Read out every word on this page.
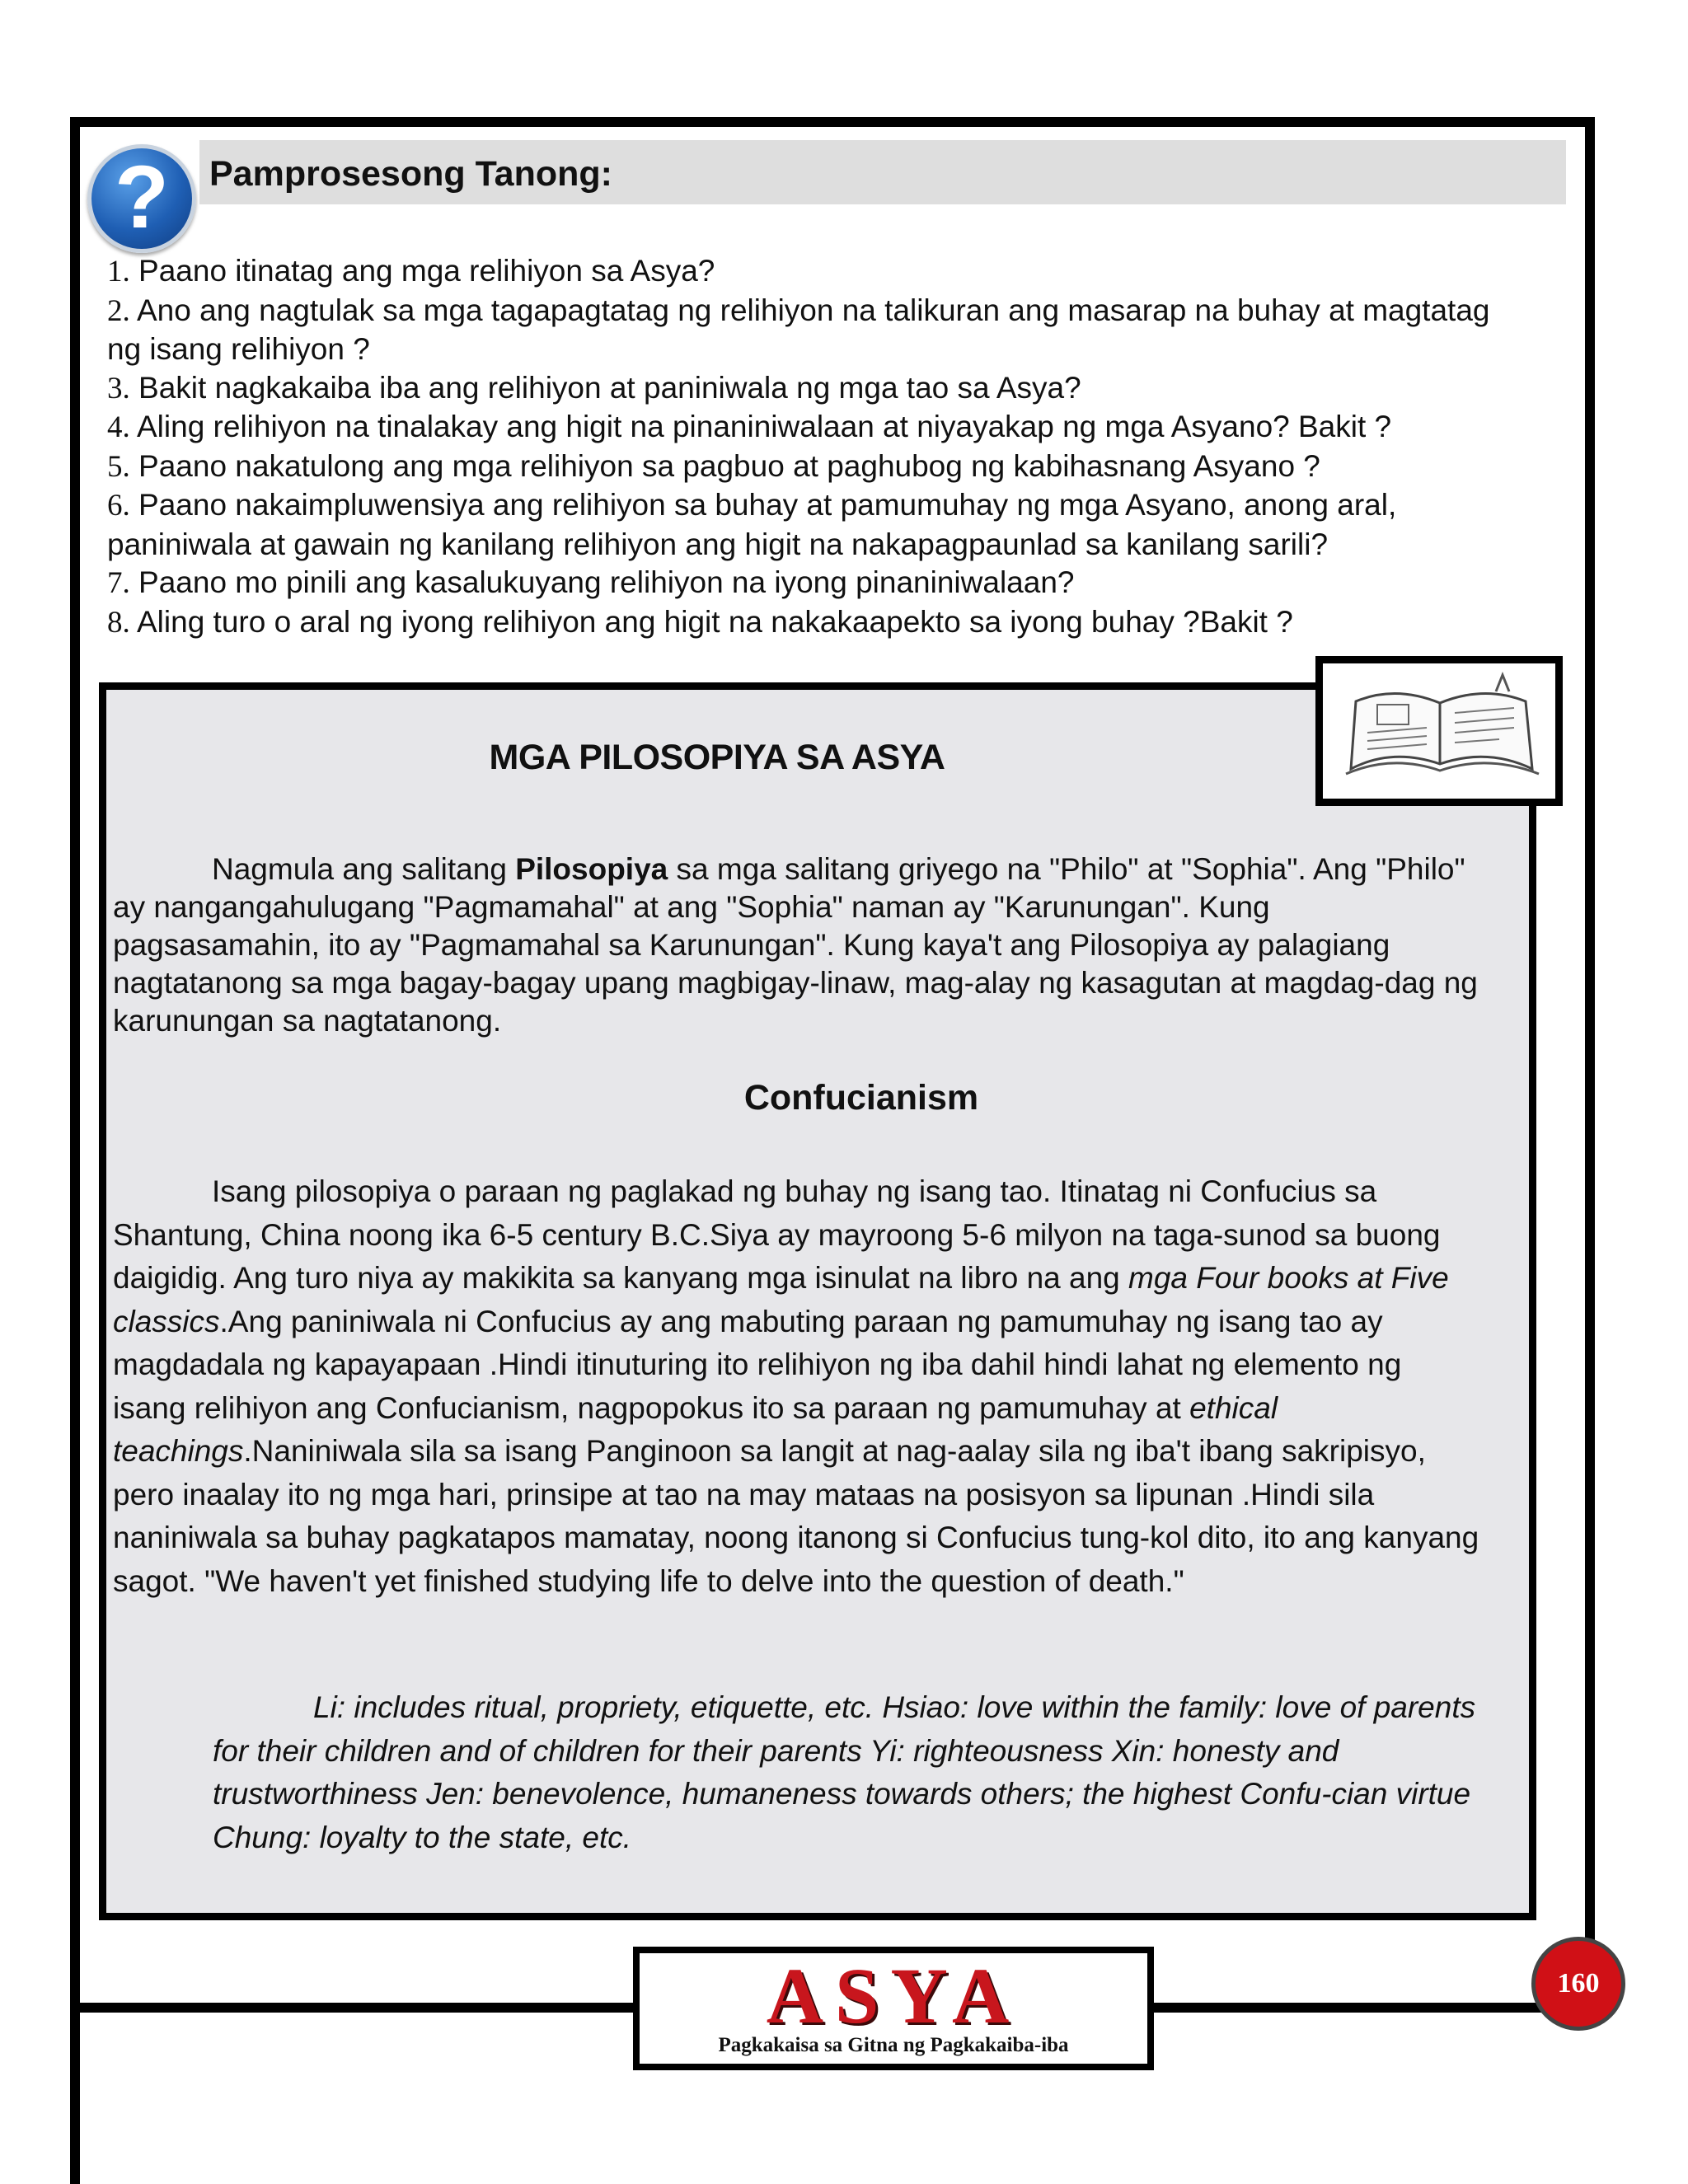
Pamprosesong Tanong:
?

1. Paano itinatag ang mga relihiyon sa Asya?

2. Ano ang nagtulak sa mga tagapagtatag ng relihiyon na talikuran ang masarap na buhay at magtatag ng isang relihiyon ?

3. Bakit nagkakaiba iba ang relihiyon at paniniwala ng mga tao sa Asya?

4. Aling relihiyon na tinalakay ang higit na pinaniniwalaan at niyayakap ng mga Asyano? Bakit ?

5. Paano nakatulong ang mga relihiyon sa pagbuo at paghubog ng kabihasnang Asyano ?

6. Paano nakaimpluwensiya ang relihiyon sa buhay at pamumuhay ng mga Asyano, anong aral, paniniwala at gawain ng kanilang relihiyon ang higit na nakapagpaunlad sa kanilang sarili?

7. Paano mo pinili ang kasalukuyang relihiyon na iyong pinaniniwalaan?

8. Aling turo o aral ng iyong relihiyon ang higit na nakakaapekto sa iyong buhay ?Bakit ?

MGA PILOSOPIYA SA ASYA

Nagmula ang salitang Pilosopiya sa mga salitang griyego na "Philo" at "Sophia". Ang "Philo" ay nangangahulugang "Pagmamahal" at ang "Sophia" naman ay "Karunungan". Kung pagsasamahin, ito ay "Pagmamahal sa Karunungan". Kung kaya't ang Pilosopiya ay palagiang nagtatanong sa mga bagay-bagay upang magbigay-linaw, mag-alay ng kasagutan at magdag-dag ng karunungan sa nagtatanong.

Confucianism

Isang pilosopiya o paraan ng paglakad ng buhay ng isang tao. Itinatag ni Confucius sa Shantung, China noong ika 6-5 century B.C.Siya ay mayroong 5-6 milyon na taga-sunod sa buong daigidig. Ang turo niya ay makikita sa kanyang mga isinulat na libro na ang mga Four books at Five classics.Ang paniniwala ni Confucius ay ang mabuting paraan ng pamumuhay ng isang tao ay magdadala ng kapayapaan .Hindi itinuturing ito relihiyon ng iba dahil hindi lahat ng elemento ng isang relihiyon ang Confucianism, nagpopokus ito sa paraan ng pamumuhay at ethical teachings.Naniniwala sila sa isang Panginoon sa langit at nag-aalay sila ng iba't ibang sakripisyo, pero inaalay ito ng mga hari, prinsipe at tao na may mataas na posisyon sa lipunan .Hindi sila naniniwala sa buhay pagkatapos mamatay, noong itanong si Confucius tung-kol dito, ito ang kanyang sagot. "We haven't yet finished studying life to delve into the question of death."

Li: includes ritual, propriety, etiquette, etc. Hsiao: love within the family: love of parents for their children and of children for their parents Yi: righteousness Xin: honesty and trustworthiness Jen: benevolence, humaneness towards others; the highest Confu-cian virtue Chung: loyalty to the state, etc.

ASYA
Pagkakaisa sa Gitna ng Pagkakaiba-iba
160
